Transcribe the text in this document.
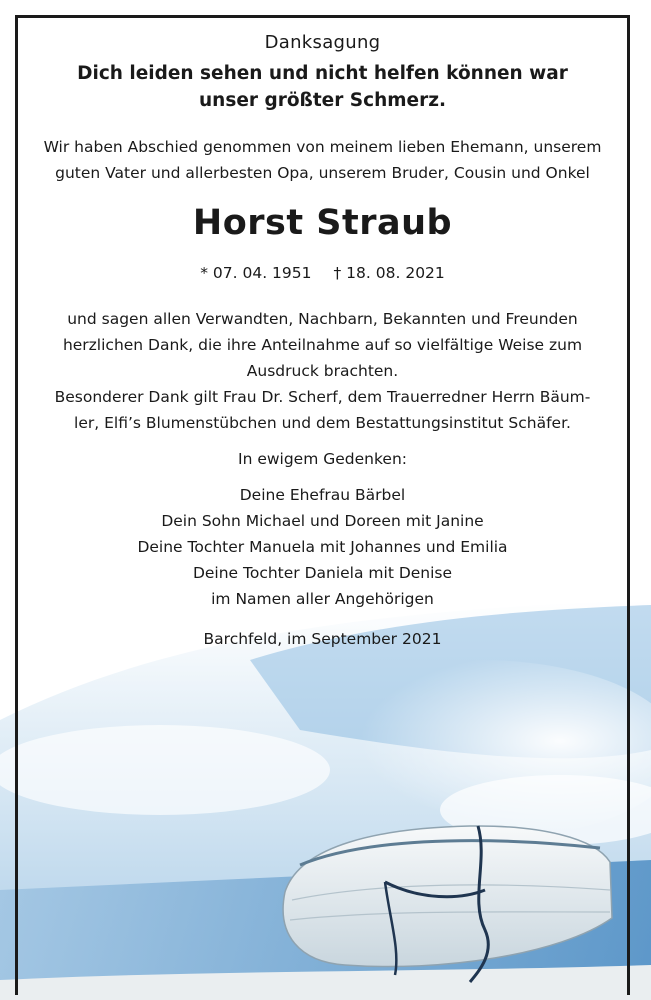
Danksagung
Dich leiden sehen und nicht helfen können war
unser größter Schmerz.
Wir haben Abschied genommen von meinem lieben Ehemann, unserem
guten Vater und allerbesten Opa, unserem Bruder, Cousin und Onkel
Horst Straub
* 07. 04. 1951 † 18. 08. 2021
und sagen allen Verwandten, Nachbarn, Bekannten und Freunden
herzlichen Dank, die ihre Anteilnahme auf so vielfältige Weise zum
Ausdruck brachten.
Besonderer Dank gilt Frau Dr. Scherf, dem Trauerredner Herrn Bäum-
ler, Elfi’s Blumenstübchen und dem Bestattungsinstitut Schäfer.
In ewigem Gedenken:
Deine Ehefrau Bärbel
Dein Sohn Michael und Doreen mit Janine
Deine Tochter Manuela mit Johannes und Emilia
Deine Tochter Daniela mit Denise
im Namen aller Angehörigen
Barchfeld, im September 2021
